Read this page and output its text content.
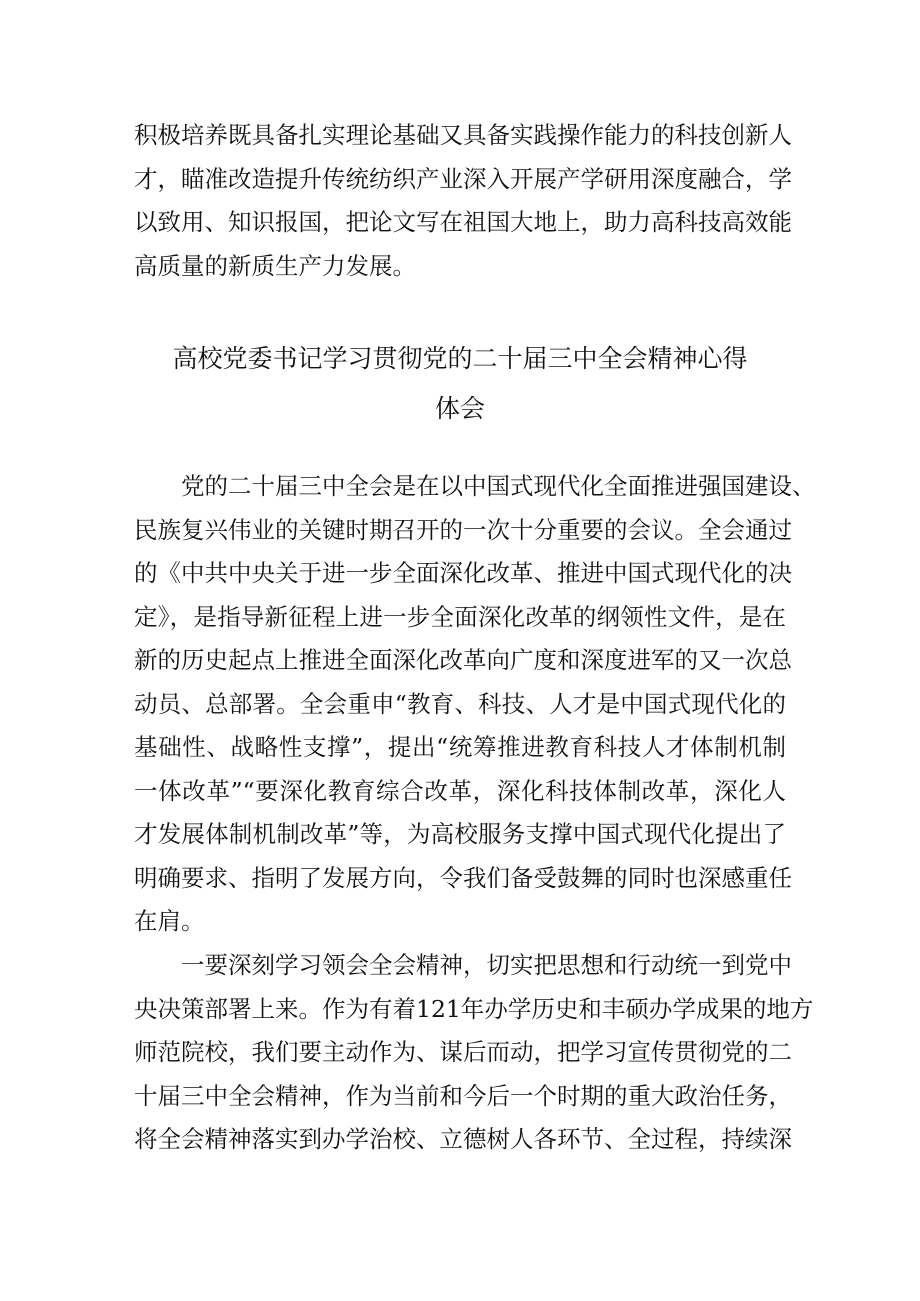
积极培养既具备扎实理论基础又具备实践操作能力的科技创新人
才，瞄准改造提升传统纺织产业深入开展产学研用深度融合，学
以致用、知识报国，把论文写在祖国大地上，助力高科技高效能
高质量的新质生产力发展。
高校党委书记学习贯彻党的二十届三中全会精神心得
体会
　　党的二十届三中全会是在以中国式现代化全面推进强国建设、
民族复兴伟业的关键时期召开的一次十分重要的会议。全会通过
的《中共中央关于进一步全面深化改革、推进中国式现代化的决
定》，是指导新征程上进一步全面深化改革的纲领性文件，是在
新的历史起点上推进全面深化改革向广度和深度进军的又一次总
动员、总部署。全会重申“教育、科技、人才是中国式现代化的
基础性、战略性支撑”，提出“统筹推进教育科技人才体制机制
一体改革”“要深化教育综合改革，深化科技体制改革，深化人
才发展体制机制改革”等，为高校服务支撑中国式现代化提出了
明确要求、指明了发展方向，令我们备受鼓舞的同时也深感重任
在肩。
　　一要深刻学习领会全会精神，切实把思想和行动统一到党中
央决策部署上来。作为有着121年办学历史和丰硕办学成果的地方
师范院校，我们要主动作为、谋后而动，把学习宣传贯彻党的二
十届三中全会精神，作为当前和今后一个时期的重大政治任务，
将全会精神落实到办学治校、立德树人各环节、全过程，持续深
